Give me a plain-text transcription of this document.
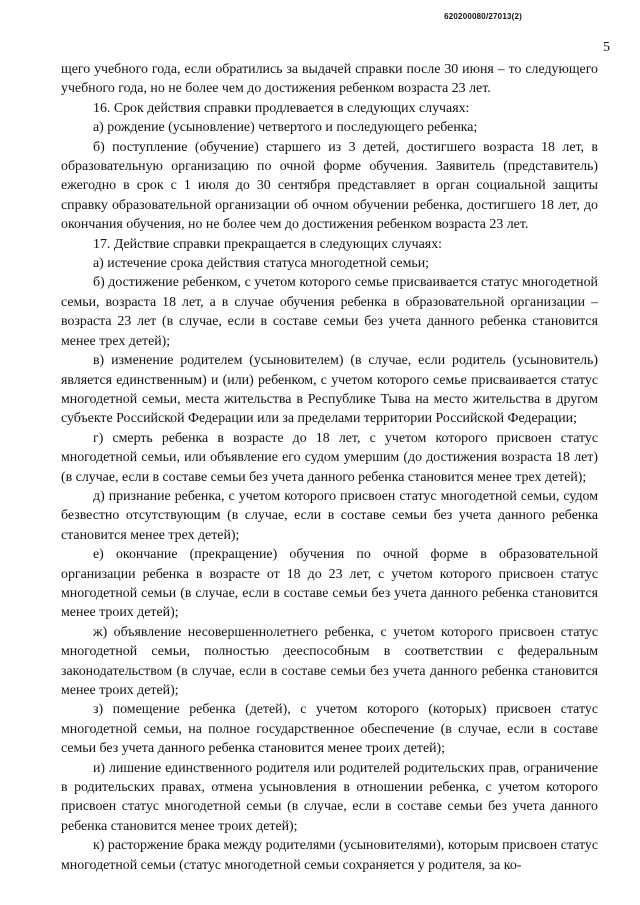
620200080/27013(2)
5

щего учебного года, если обратились за выдачей справки после 30 июня – то следующего учебного года, но не более чем до достижения ребенком возраста 23 лет.

16. Срок действия справки продлевается в следующих случаях:

а) рождение (усыновление) четвертого и последующего ребенка;

б) поступление (обучение) старшего из 3 детей, достигшего возраста 18 лет, в образовательную организацию по очной форме обучения. Заявитель (представитель) ежегодно в срок с 1 июля до 30 сентября представляет в орган социальной защиты справку образовательной организации об очном обучении ребенка, достигшего 18 лет, до окончания обучения, но не более чем до достижения ребенком возраста 23 лет.

17. Действие справки прекращается в следующих случаях:

а) истечение срока действия статуса многодетной семьи;

б) достижение ребенком, с учетом которого семье присваивается статус многодетной семьи, возраста 18 лет, а в случае обучения ребенка в образовательной организации – возраста 23 лет (в случае, если в составе семьи без учета данного ребенка становится менее трех детей);

в) изменение родителем (усыновителем) (в случае, если родитель (усыновитель) является единственным) и (или) ребенком, с учетом которого семье присваивается статус многодетной семьи, места жительства в Республике Тыва на место жительства в другом субъекте Российской Федерации или за пределами территории Российской Федерации;

г) смерть ребенка в возрасте до 18 лет, с учетом которого присвоен статус многодетной семьи, или объявление его судом умершим (до достижения возраста 18 лет) (в случае, если в составе семьи без учета данного ребенка становится менее трех детей);

д) признание ребенка, с учетом которого присвоен статус многодетной семьи, судом безвестно отсутствующим (в случае, если в составе семьи без учета данного ребенка становится менее трех детей);

е) окончание (прекращение) обучения по очной форме в образовательной организации ребенка в возрасте от 18 до 23 лет, с учетом которого присвоен статус многодетной семьи (в случае, если в составе семьи без учета данного ребенка становится менее троих детей);

ж) объявление несовершеннолетнего ребенка, с учетом которого присвоен статус многодетной семьи, полностью дееспособным в соответствии с федеральным законодательством (в случае, если в составе семьи без учета данного ребенка становится менее троих детей);

з) помещение ребенка (детей), с учетом которого (которых) присвоен статус многодетной семьи, на полное государственное обеспечение (в случае, если в составе семьи без учета данного ребенка становится менее троих детей);

и) лишение единственного родителя или родителей родительских прав, ограничение в родительских правах, отмена усыновления в отношении ребенка, с учетом которого присвоен статус многодетной семьи (в случае, если в составе семьи без учета данного ребенка становится менее троих детей);

к) расторжение брака между родителями (усыновителями), которым присвоен статус многодетной семьи (статус многодетной семьи сохраняется у родителя, за ко-
